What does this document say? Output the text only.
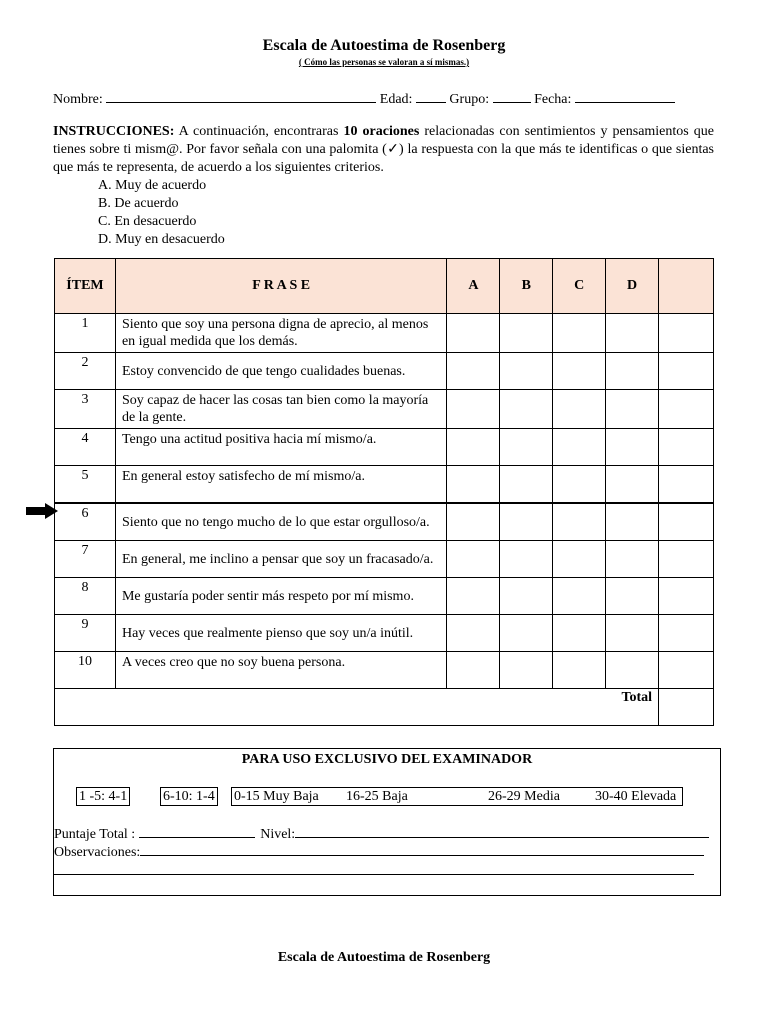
Escala de Autoestima de Rosenberg
( Cómo las personas se valoran a sí mismas.)
Nombre:	Edad:	Grupo:	Fecha:
INSTRUCCIONES: A continuación, encontraras 10 oraciones relacionadas con sentimientos y pensamientos que tienes sobre ti mism@. Por favor señala con una palomita (✓) la respuesta con la que más te identificas o que sientas que más te representa, de acuerdo a los siguientes criterios.
A. Muy de acuerdo
B. De acuerdo
C. En desacuerdo
D. Muy en desacuerdo
ÍTEM	F R A S E	A	B	C	D	
1	Siento que soy una persona digna de aprecio, al menos en igual medida que los demás.					
2	Estoy convencido de que tengo cualidades buenas.					
3	Soy capaz de hacer las cosas tan bien como la mayoría de la gente.					
4	Tengo una actitud positiva hacia mí mismo/a.					
5	En general estoy satisfecho de mí mismo/a.					
6	Siento que no tengo mucho de lo que estar orgulloso/a.					
7	En general, me inclino a pensar que soy un fracasado/a.					
8	Me gustaría poder sentir más respeto por mí mismo.					
9	Hay veces que realmente pienso que soy un/a inútil.					
10	A veces creo que no soy buena persona.					
Total						
PARA USO EXCLUSIVO DEL EXAMINADOR
1 -5: 4-1	6-10: 1-4 0-15 Muy Baja 16-25 Baja	26-29 Media	30-40 Elevada
Puntaje Total :	Nivel:
Observaciones:
Escala de Autoestima de Rosenberg
